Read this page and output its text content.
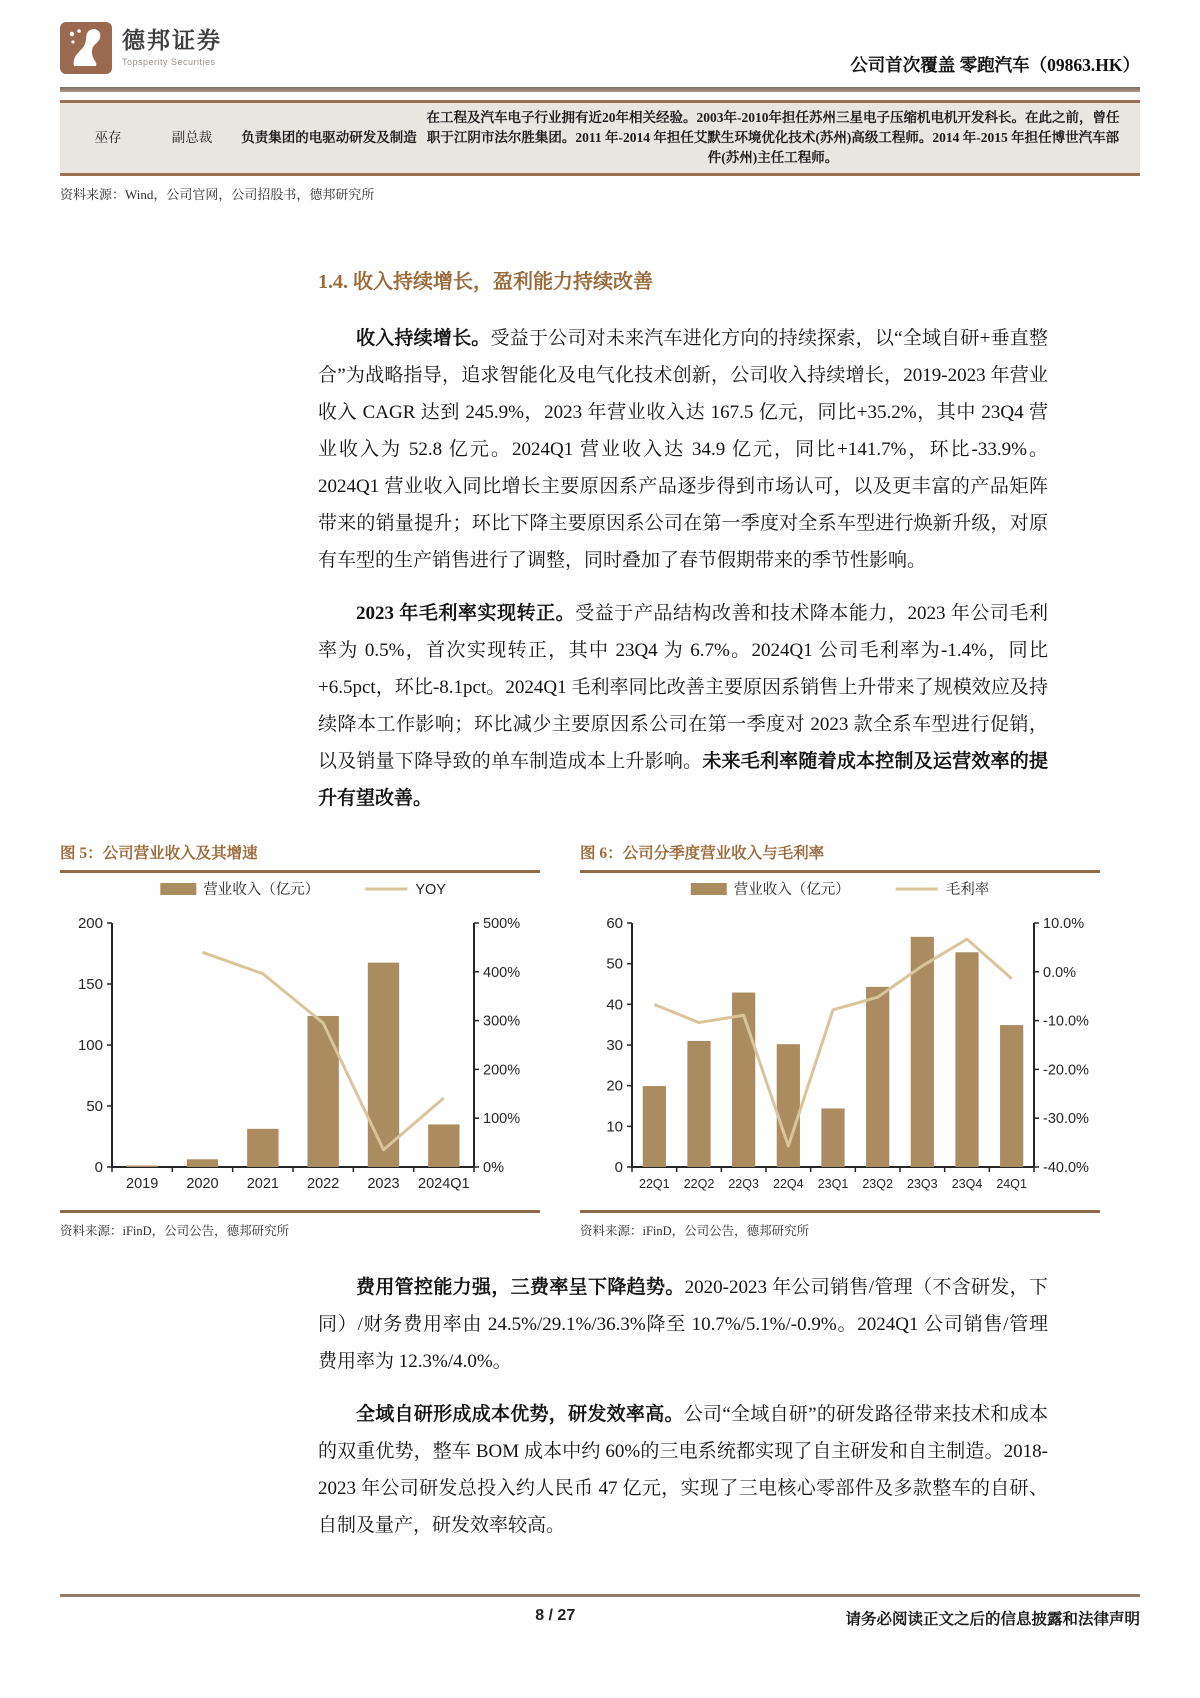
德邦证券
Topsperity Securities	公司首次覆盖 零跑汽车（09863.HK）
巫存	副总裁	负责集团的电驱动研发及制造
在工程及汽车电子行业拥有近20年相关经验。2003年-2010年担任苏州三星电子压缩机电机开发科长。在此之前，曾任职于江阴市法尔胜集团。2011 年-2014 年担任艾默生环境优化技术(苏州)高级工程师。2014 年-2015 年担任博世汽车部件(苏州)主任工程师。
资料来源：Wind，公司官网，公司招股书，德邦研究所
1.4. 收入持续增长，盈利能力持续改善

收入持续增长。受益于公司对未来汽车进化方向的持续探索，以“全域自研+垂直整合”为战略指导，追求智能化及电气化技术创新，公司收入持续增长，2019-2023 年营业收入 CAGR 达到 245.9%，2023 年营业收入达 167.5 亿元，同比+35.2%，其中 23Q4 营业收入为 52.8 亿元。2024Q1 营业收入达 34.9 亿元，同比+141.7%，环比-33.9%。2024Q1 营业收入同比增长主要原因系产品逐步得到市场认可，以及更丰富的产品矩阵带来的销量提升；环比下降主要原因系公司在第一季度对全系车型进行焕新升级，对原有车型的生产销售进行了调整，同时叠加了春节假期带来的季节性影响。

2023 年毛利率实现转正。受益于产品结构改善和技术降本能力，2023 年公司毛利率为 0.5%，首次实现转正，其中 23Q4 为 6.7%。2024Q1 公司毛利率为-1.4%，同比+6.5pct，环比-8.1pct。2024Q1 毛利率同比改善主要原因系销售上升带来了规模效应及持续降本工作影响；环比减少主要原因系公司在第一季度对 2023 款全系车型进行促销，以及销量下降导致的单车制造成本上升影响。未来毛利率随着成本控制及运营效率的提升有望改善。

图 5：公司营业收入及其增速
营业收入（亿元）	YOY
0
50
100
150
200
0%
100%
200%
300%
400%
500%
2019 2020 2021 2022 2023 2024Q1
资料来源：iFinD，公司公告，德邦研究所
图 6：公司分季度营业收入与毛利率
营业收入（亿元）	毛利率
0
10
20
30
40
50
60
-40.0%
-30.0%
-20.0%
-10.0%
0.0%
10.0%
22Q1 22Q2 22Q3 22Q4 23Q1 23Q2 23Q3 23Q4 24Q1
资料来源：iFinD，公司公告，德邦研究所

费用管控能力强，三费率呈下降趋势。2020-2023 年公司销售/管理（不含研发，下同）/财务费用率由 24.5%/29.1%/36.3%降至 10.7%/5.1%/-0.9%。2024Q1 公司销售/管理费用率为 12.3%/4.0%。

全域自研形成成本优势，研发效率高。公司“全域自研”的研发路径带来技术和成本的双重优势，整车 BOM 成本中约 60%的三电系统都实现了自主研发和自主制造。2018-2023 年公司研发总投入约人民币 47 亿元，实现了三电核心零部件及多款整车的自研、自制及量产，研发效率较高。

8 / 27	请务必阅读正文之后的信息披露和法律声明
